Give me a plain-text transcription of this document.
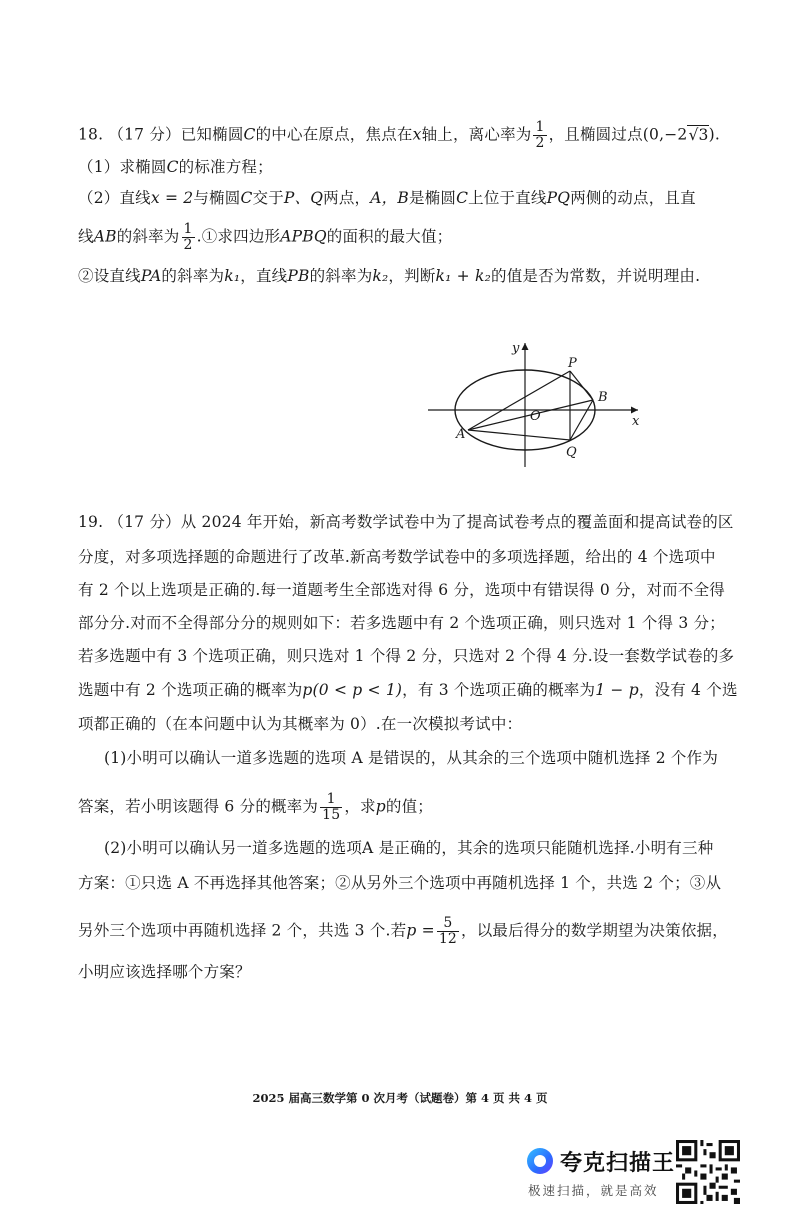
18. （17 分）已知椭圆C的中心在原点，焦点在x轴上，离心率为 $\frac{1}{2}$ ，且椭圆过点(0,−2√3).
（1）求椭圆C的标准方程；
（2）直线x = 2与椭圆C交于P、Q两点，A，B是椭圆C上位于直线PQ两侧的动点，且直
线AB的斜率为 $\frac{1}{2}$ .①求四边形APBQ的面积的最大值；
②设直线PA的斜率为k₁，直线PB的斜率为k₂，判断k₁ + k₂的值是否为常数，并说明理由.
y
x
O
P
B
A
Q
19. （17 分）从 2024 年开始，新高考数学试卷中为了提高试卷考点的覆盖面和提高试卷的区
分度，对多项选择题的命题进行了改革.新高考数学试卷中的多项选择题，给出的 4 个选项中
有 2 个以上选项是正确的.每一道题考生全部选对得 6 分，选项中有错误得 0 分，对而不全得
部分分.对而不全得部分分的规则如下：若多选题中有 2 个选项正确，则只选对 1 个得 3 分；
若多选题中有 3 个选项正确，则只选对 1 个得 2 分，只选对 2 个得 4 分.设一套数学试卷的多
选题中有 2 个选项正确的概率为p(0 < p < 1)，有 3 个选项正确的概率为1 − p，没有 4 个选
项都正确的（在本问题中认为其概率为 0）.在一次模拟考试中：
(1)小明可以确认一道多选题的选项 A 是错误的，从其余的三个选项中随机选择 2 个作为
答案，若小明该题得 6 分的概率为 $\frac{1}{15}$ ，求p的值；
(2)小明可以确认另一道多选题的选项A 是正确的，其余的选项只能随机选择.小明有三种
方案：①只选 A 不再选择其他答案；②从另外三个选项中再随机选择 1 个，共选 2 个；③从
另外三个选项中再随机选择 2 个，共选 3 个.若$p = \frac{5}{12}$ ，以最后得分的数学期望为决策依据，
小明应该选择哪个方案？
2025 届高三数学第 0 次月考（试题卷）第 4 页 共 4 页
夸克扫描王
极速扫描，就是高效
